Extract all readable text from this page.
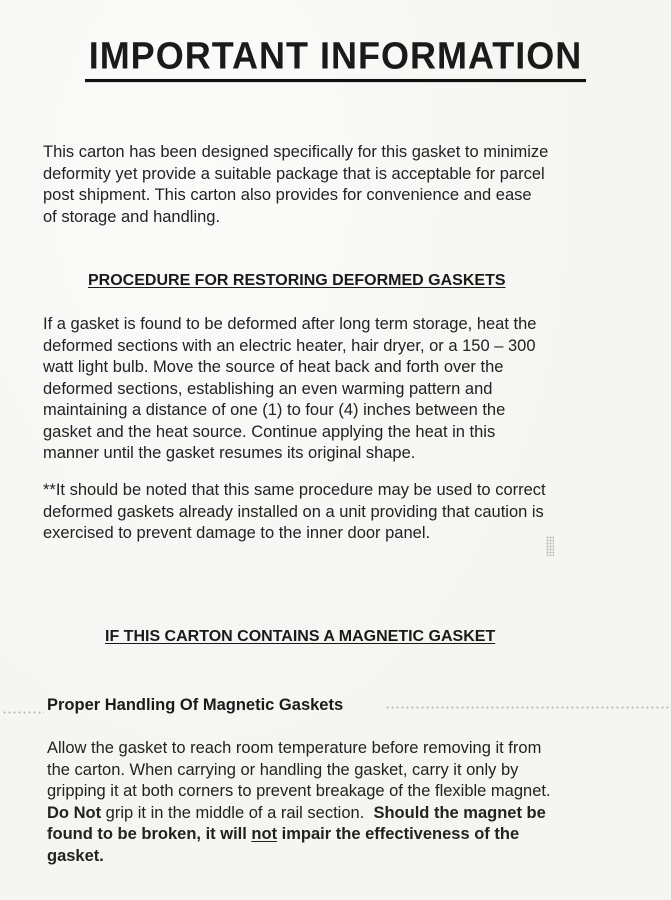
IMPORTANT INFORMATION
This carton has been designed specifically for this gasket to minimize
deformity yet provide a suitable package that is acceptable for parcel
post shipment. This carton also provides for convenience and ease
of storage and handling.
PROCEDURE FOR RESTORING DEFORMED GASKETS
If a gasket is found to be deformed after long term storage, heat the
deformed sections with an electric heater, hair dryer, or a 150 – 300
watt light bulb. Move the source of heat back and forth over the
deformed sections, establishing an even warming pattern and
maintaining a distance of one (1) to four (4) inches between the
gasket and the heat source. Continue applying the heat in this
manner until the gasket resumes its original shape.
**It should be noted that this same procedure may be used to correct
deformed gaskets already installed on a unit providing that caution is
exercised to prevent damage to the inner door panel.
IF THIS CARTON CONTAINS A MAGNETIC GASKET
Proper Handling Of Magnetic Gaskets
Allow the gasket to reach room temperature before removing it from
the carton. When carrying or handling the gasket, carry it only by
gripping it at both corners to prevent breakage of the flexible magnet.
Do Not grip it in the middle of a rail section.  Should the magnet be
found to be broken, it will not impair the effectiveness of the
gasket.
